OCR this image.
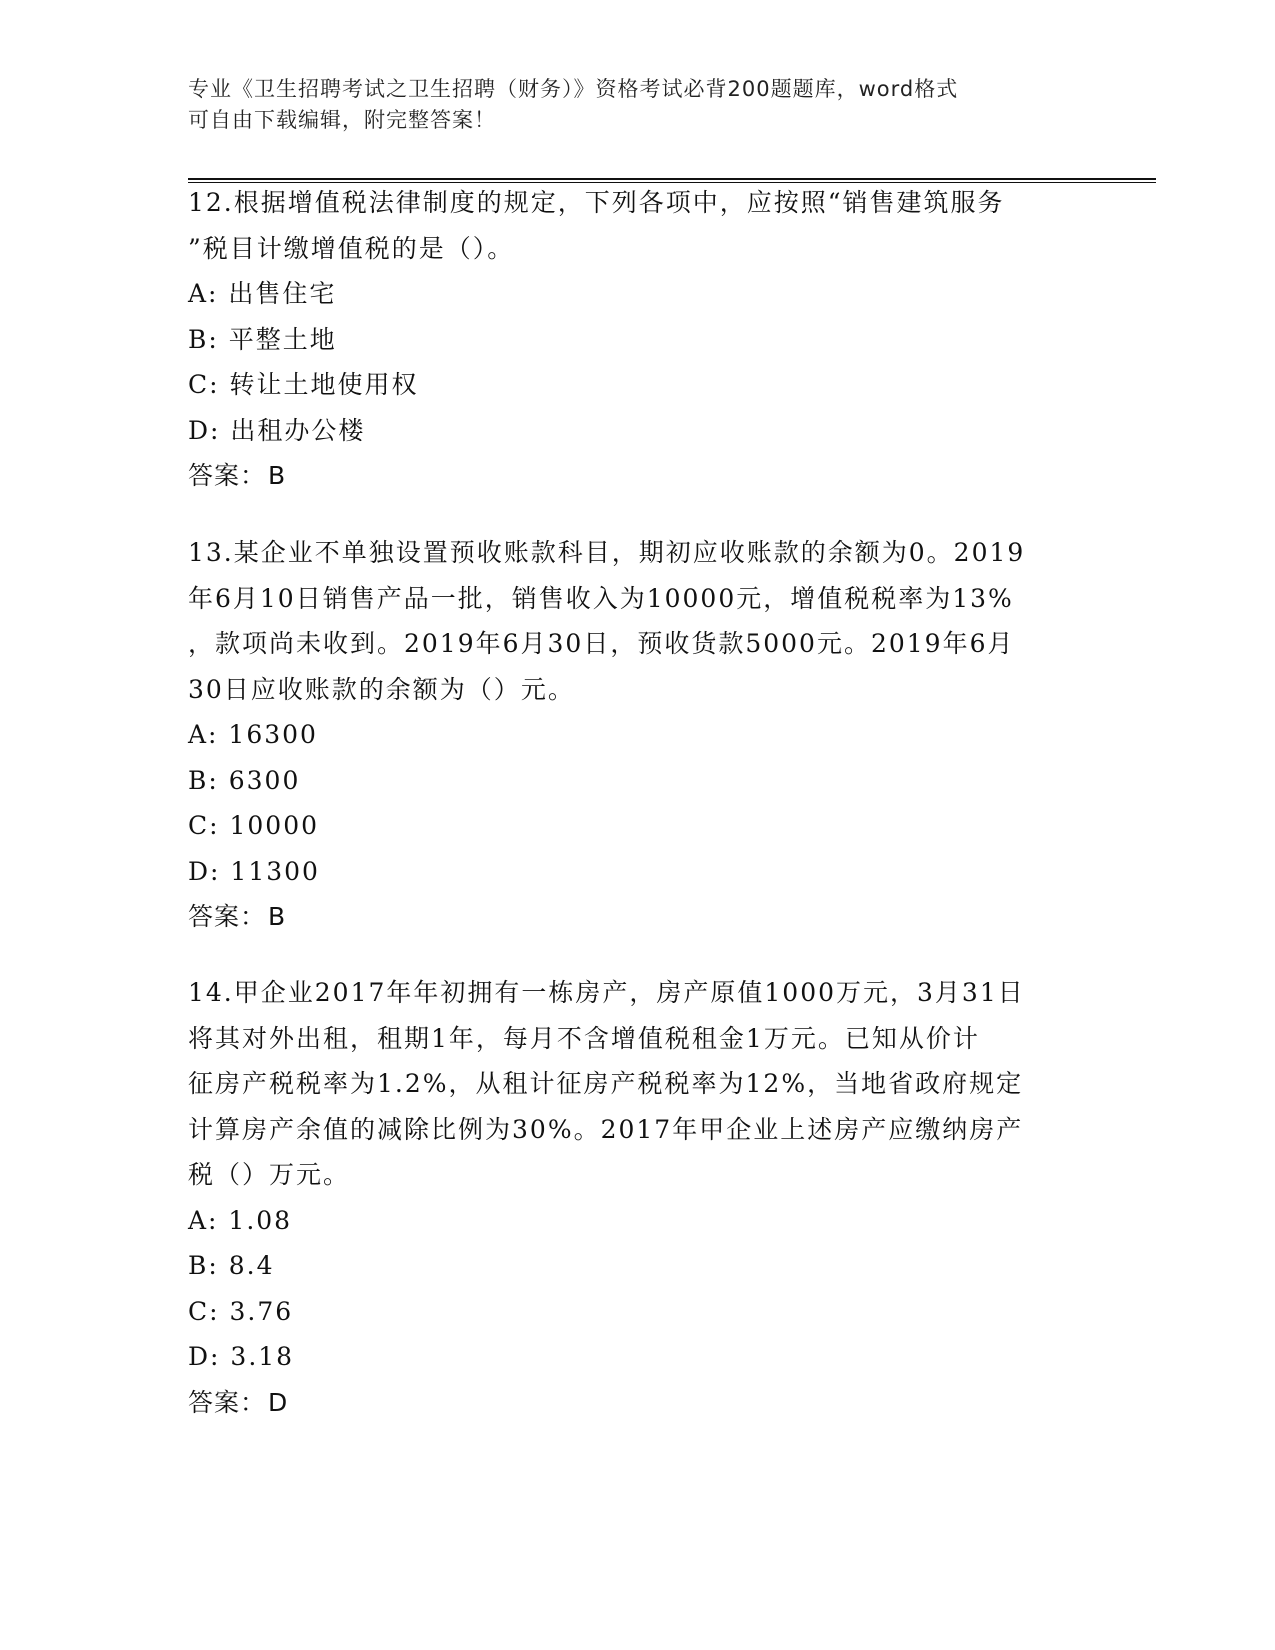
专业《卫生招聘考试之卫生招聘（财务）》资格考试必背200题题库，word格式
可自由下载编辑，附完整答案！
12.根据增值税法律制度的规定，下列各项中，应按照“销售建筑服务
”税目计缴增值税的是（）。
A: 出售住宅
B: 平整土地
C: 转让土地使用权
D: 出租办公楼
答案：B
13.某企业不单独设置预收账款科目，期初应收账款的余额为0。2019
年6月10日销售产品一批，销售收入为10000元，增值税税率为13%
，款项尚未收到。2019年6月30日，预收货款5000元。2019年6月
30日应收账款的余额为（）元。
A: 16300
B: 6300
C: 10000
D: 11300
答案：B
14.甲企业2017年年初拥有一栋房产，房产原值1000万元，3月31日
将其对外出租，租期1年，每月不含增值税租金1万元。已知从价计
征房产税税率为1.2%，从租计征房产税税率为12%，当地省政府规定
计算房产余值的减除比例为30%。2017年甲企业上述房产应缴纳房产
税（）万元。
A: 1.08
B: 8.4
C: 3.76
D: 3.18
答案：D
